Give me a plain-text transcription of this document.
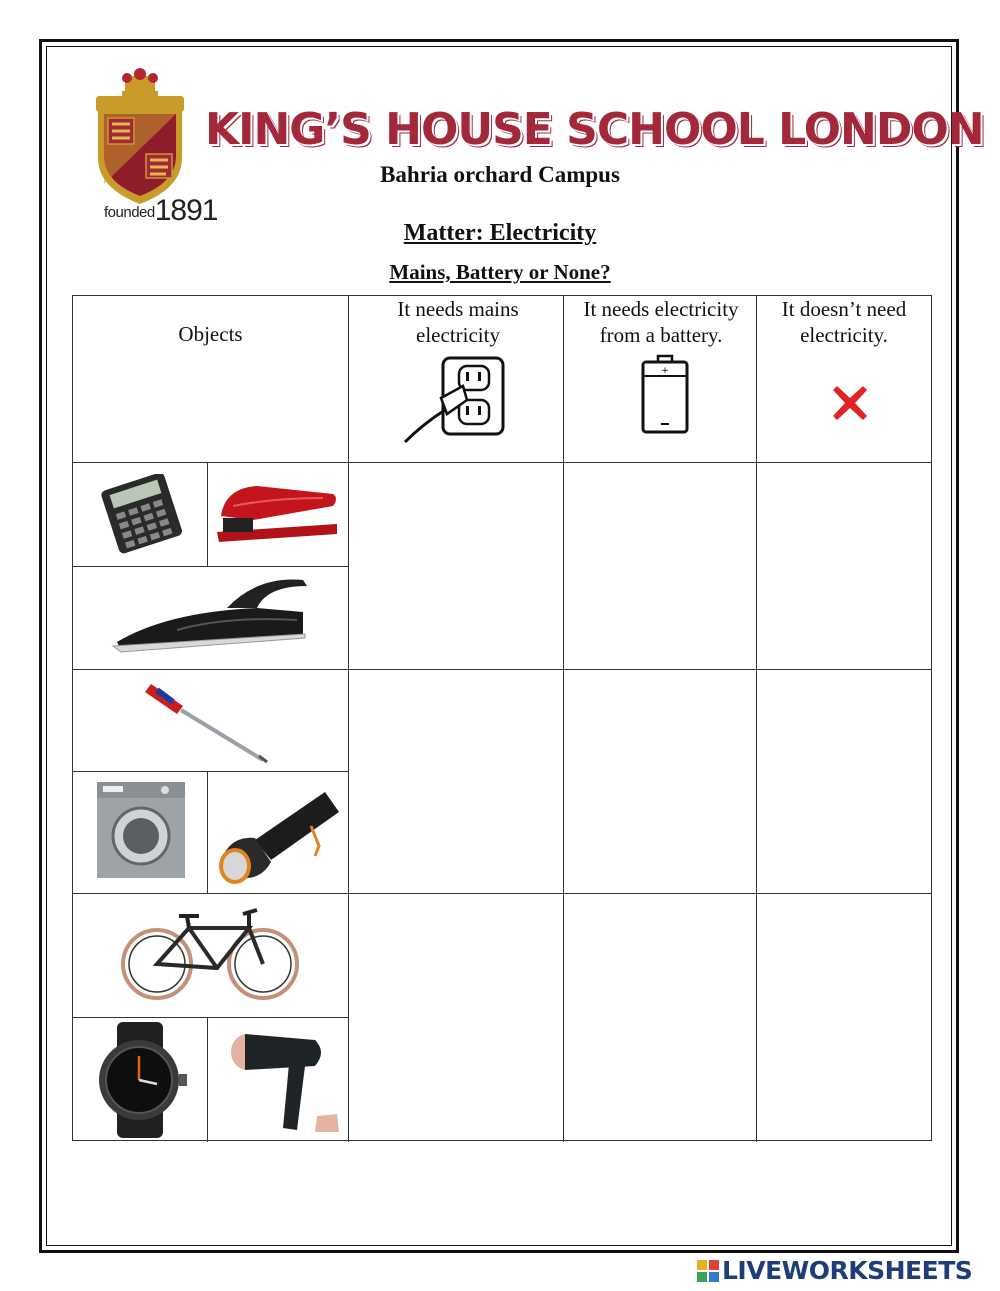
founded1891
KING’S HOUSE SCHOOL LONDON
Bahria orchard Campus
Matter: Electricity
Mains, Battery or None?
Objects
It needs mains electricity
It needs electricity from a battery.
It doesn’t need electricity.
+
LIVEWORKSHEETS
